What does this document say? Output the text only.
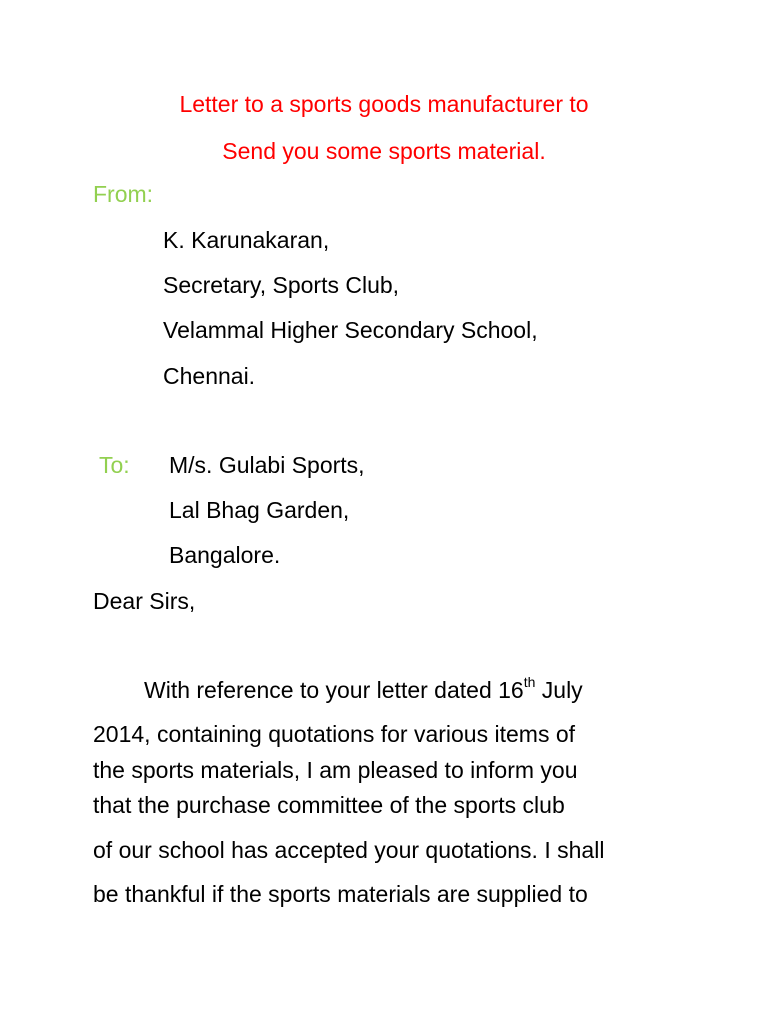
Letter to a sports goods manufacturer to
Send you some sports material.
From:
K. Karunakaran,
Secretary, Sports Club,
Velammal Higher Secondary School,
Chennai.
To: M/s. Gulabi Sports,
Lal Bhag Garden,
Bangalore.
Dear Sirs,
With reference to your letter dated 16th July
2014, containing quotations for various items of
the sports materials, I am pleased to inform you
that the purchase committee of the sports club
of our school has accepted your quotations. I shall
be thankful if the sports materials are supplied to
